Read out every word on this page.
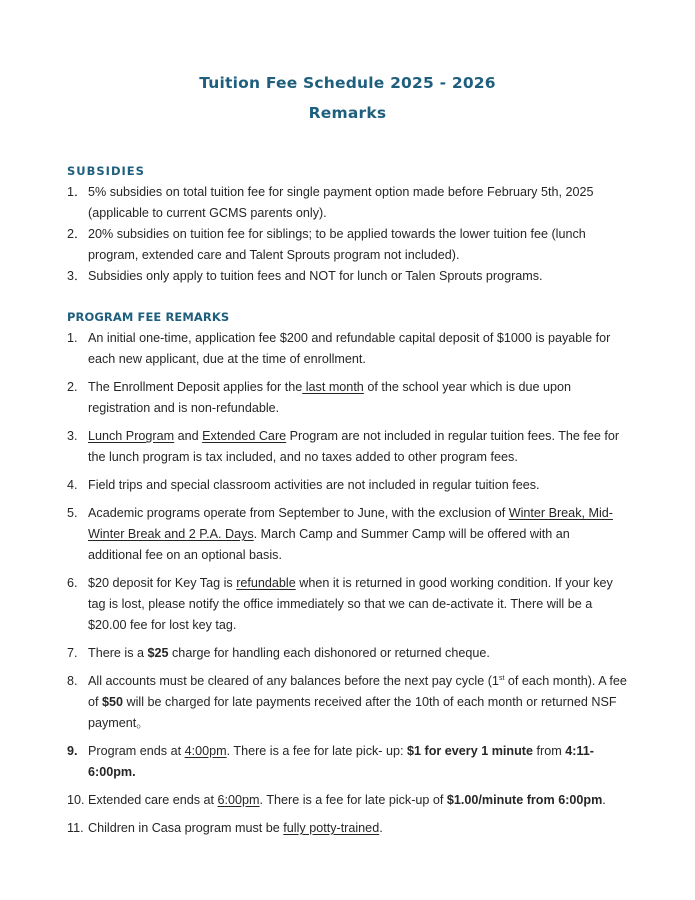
Tuition Fee Schedule 2025 - 2026
Remarks
SUBSIDIES
1． 5% subsidies on total tuition fee for single payment option made before February 5th, 2025 (applicable to current GCMS parents only).
2． 20% subsidies on tuition fee for siblings; to be applied towards the lower tuition fee (lunch program, extended care and Talent Sprouts program not included).
3． Subsidies only apply to tuition fees and NOT for lunch or Talen Sprouts programs.
PROGRAM FEE REMARKS
1. An initial one-time, application fee $200 and refundable capital deposit of $1000 is payable for each new applicant, due at the time of enrollment.
2. The Enrollment Deposit applies for the last month of the school year which is due upon registration and is non-refundable.
3. Lunch Program and Extended Care Program are not included in regular tuition fees. The fee for the lunch program is tax included, and no taxes added to other program fees.
4. Field trips and special classroom activities are not included in regular tuition fees.
5. Academic programs operate from September to June, with the exclusion of Winter Break, Mid-Winter Break and 2 P.A. Days. March Camp and Summer Camp will be offered with an additional fee on an optional basis.
6. $20 deposit for Key Tag is refundable when it is returned in good working condition. If your key tag is lost, please notify the office immediately so that we can de-activate it. There will be a $20.00 fee for lost key tag.
7. There is a $25 charge for handling each dishonored or returned cheque.
8. All accounts must be cleared of any balances before the next pay cycle (1st of each month). A fee of $50 will be charged for late payments received after the 10th of each month or returned NSF payment。
9. Program ends at 4:00pm. There is a fee for late pick- up: $1 for every 1 minute from 4:11-6:00pm.
10. Extended care ends at 6:00pm. There is a fee for late pick-up of $1.00/minute from 6:00pm.
11. Children in Casa program must be fully potty-trained.
